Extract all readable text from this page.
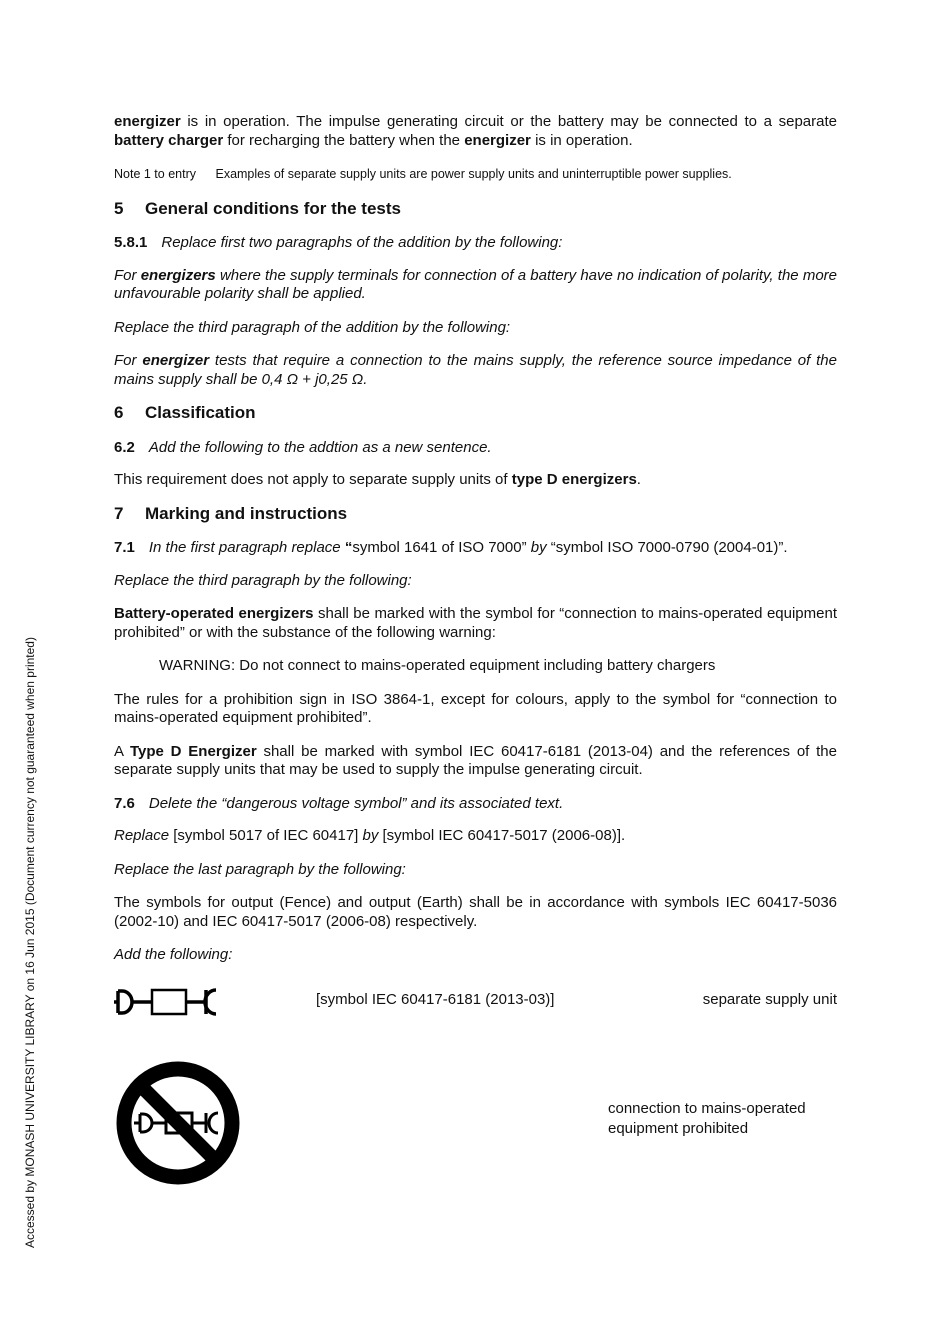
energizer is in operation. The impulse generating circuit or the battery may be connected to a separate battery charger for recharging the battery when the energizer is in operation.

Note 1 to entry Examples of separate supply units are power supply units and uninterruptible power supplies.
5 General conditions for the tests

5.8.1 Replace first two paragraphs of the addition by the following:

For energizers where the supply terminals for connection of a battery have no indication of polarity, the more unfavourable polarity shall be applied.

Replace the third paragraph of the addition by the following:

For energizer tests that require a connection to the mains supply, the reference source impedance of the mains supply shall be 0,4 Ω + j0,25 Ω.

6 Classification

6.2 Add the following to the addtion as a new sentence.

This requirement does not apply to separate supply units of type D energizers.

7 Marking and instructions

7.1 In the first paragraph replace “symbol 1641 of ISO 7000” by “symbol ISO 7000-0790 (2004-01)”.

Replace the third paragraph by the following:

Battery-operated energizers shall be marked with the symbol for “connection to mains-operated equipment prohibited” or with the substance of the following warning:

WARNING: Do not connect to mains-operated equipment including battery chargers

The rules for a prohibition sign in ISO 3864-1, except for colours, apply to the symbol for “connection to mains-operated equipment prohibited”.

A Type D Energizer shall be marked with symbol IEC 60417-6181 (2013-04) and the references of the separate supply units that may be used to supply the impulse generating circuit.

7.6 Delete the “dangerous voltage symbol” and its associated text.

Replace [symbol 5017 of IEC 60417] by [symbol IEC 60417-5017 (2006-08)].

Replace the last paragraph by the following:

The symbols for output (Fence) and output (Earth) shall be in accordance with symbols IEC 60417-5036 (2002-10) and IEC 60417-5017 (2006-08) respectively.

Add the following:

[symbol IEC 60417-6181 (2013-03)]	separate supply unit
connection to mains-operated
equipment prohibited
Accessed by MONASH UNIVERSITY LIBRARY on 16 Jun 2015 (Document currency not guaranteed when printed)
